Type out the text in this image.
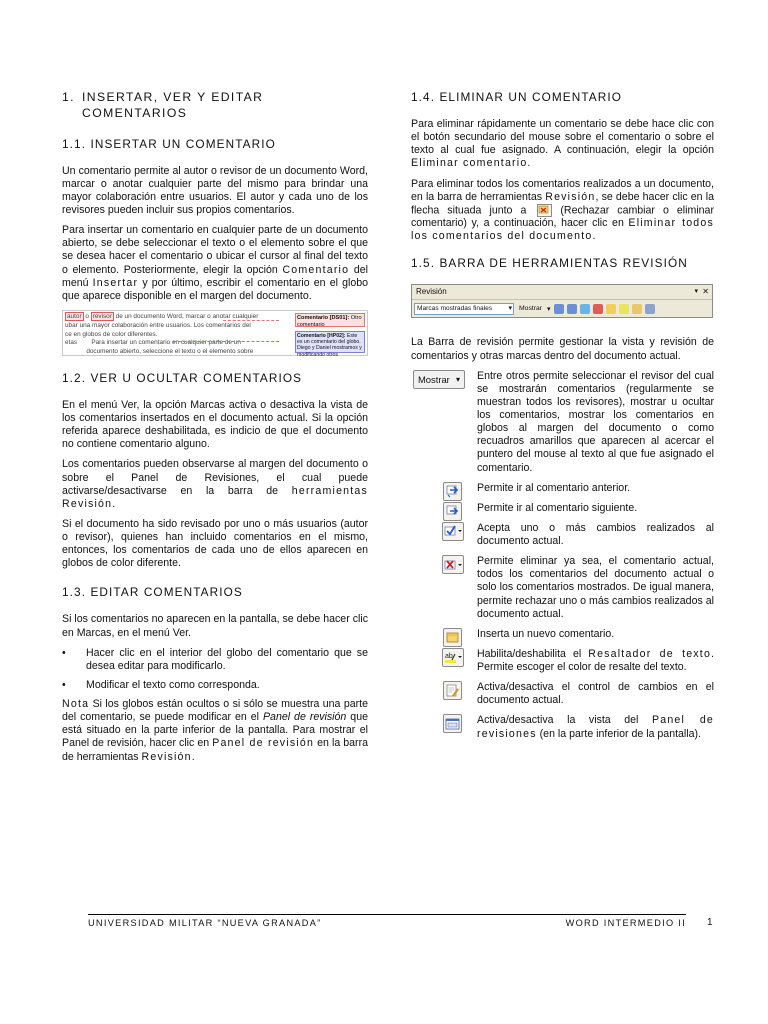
1. INSERTAR, VER Y EDITAR
COMENTARIOS
1.1. INSERTAR UN COMENTARIO

Un comentario permite al autor o revisor de un documento Word, marcar o anotar cualquier parte del mismo para brindar una mayor colaboración entre usuarios. El autor y cada uno de los revisores pueden incluir sus propios comentarios.

Para insertar un comentario en cualquier parte de un documento abierto, se debe seleccionar el texto o el elemento sobre el que se desea hacer el comentario o ubicar el cursor al final del texto o elemento. Posteriormente, elegir la opción Comentario del menú Insertar y por último, escribir el comentario en el globo que aparece disponible en el margen del documento.

autor o revisor de un documento Word, marcar o anotar cualquier
ubar una mayor colaboración entre usuarios. Los comentarios del
ce en globos de color diferentes.
etas Para insertar un comentario en cualquier parte de un
documento abierto, seleccione el texto o el elemento sobre
Comentario [DS01]: Otro comentario
Comentario [HP02]: Este es un comentario del globo. Diego y Daniel mostramos y modificando otros
1.2. VER U OCULTAR COMENTARIOS

En el menú Ver, la opción Marcas activa o desactiva la vista de los comentarios insertados en el documento actual. Si la opción referida aparece deshabilitada, es indicio de que el documento no contiene comentario alguno.

Los comentarios pueden observarse al margen del documento o sobre el Panel de Revisiones, el cual puede activarse/desactivarse en la barra de herramientas Revisión.

Si el documento ha sido revisado por uno o más usuarios (autor o revisor), quienes han incluido comentarios en el mismo, entonces, los comentarios de cada uno de ellos aparecen en globos de color diferente.

1.3. EDITAR COMENTARIOS

Si los comentarios no aparecen en la pantalla, se debe hacer clic en Marcas, en el menú Ver.

• Hacer clic en el interior del globo del comentario que se desea editar para modificarlo.
• Modificar el texto como corresponda.

Nota Si los globos están ocultos o si sólo se muestra una parte del comentario, se puede modificar en el Panel de revisión que está situado en la parte inferior de la pantalla. Para mostrar el Panel de revisión, hacer clic en Panel de revisión en la barra de herramientas Revisión.

1.4. ELIMINAR UN COMENTARIO

Para eliminar rápidamente un comentario se debe hace clic con el botón secundario del mouse sobre el comentario o sobre el texto al cual fue asignado. A continuación, elegir la opción Eliminar comentario.

Para eliminar todos los comentarios realizados a un documento, en la barra de herramientas Revisión, se debe hacer clic en la flecha situada junto a  (Rechazar cambiar o eliminar comentario) y, a continuación, hacer clic en Eliminar todos los comentarios del documento.

1.5. BARRA DE HERRAMIENTAS REVISIÓN
Revisión	▾ ✕
Marcas mostradas finales ▾	Mostrar ▾

La Barra de revisión permite gestionar la vista y revisión de comentarios y otras marcas dentro del documento actual.

Mostrar ▾	Entre otros permite seleccionar el revisor del cual se mostrarán comentarios (regularmente se muestran todos los revisores), mostrar u ocultar los comentarios, mostrar los comentarios en globos al margen del documento o como recuadros amarillos que aparecen al acercar el puntero del mouse al texto al que fue asignado el comentario.

Permite ir al comentario anterior.

Permite ir al comentario siguiente.

Acepta uno o más cambios realizados al documento actual.

Permite eliminar ya sea, el comentario actual, todos los comentarios del documento actual o solo los comentarios mostrados. De igual manera, permite rechazar uno o más cambios realizados al documento actual.

Inserta un nuevo comentario.

ab Habilita/deshabilita el Resaltador de texto. Permite escoger el color de resalte del texto.

Activa/desactiva el control de cambios en el documento actual.

Activa/desactiva la vista del Panel de revisiones (en la parte inferior de la pantalla).

UNIVERSIDAD MILITAR “NUEVA GRANADA”	WORD INTERMEDIO II 1
